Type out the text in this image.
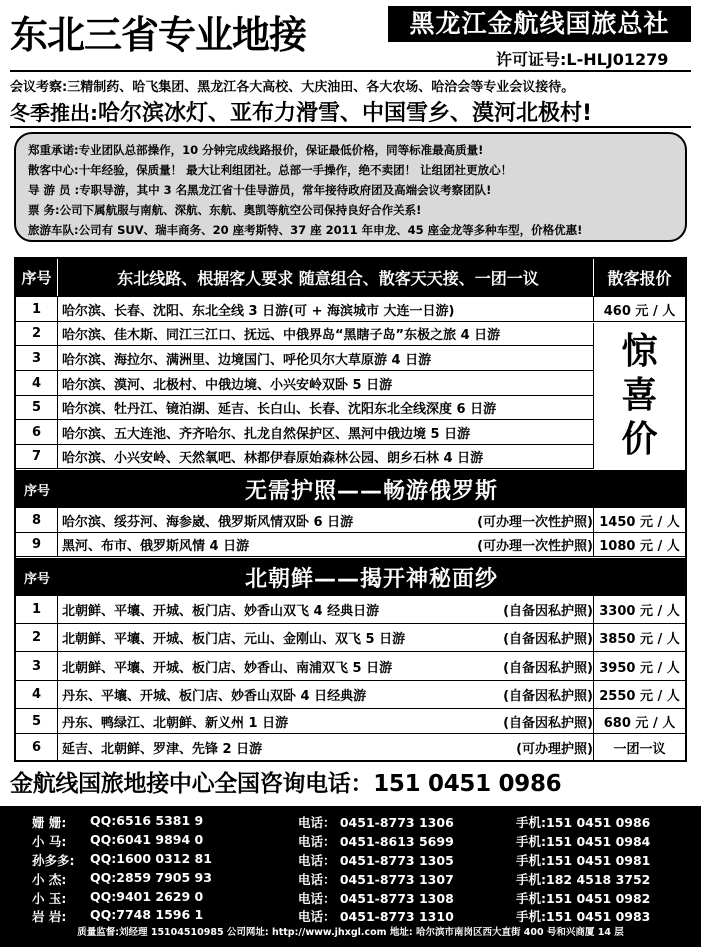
东北三省专业地接	黑龙江金航线国旅总社
许可证号:L-HLJ01279
会议考察:三精制药、哈飞集团、黑龙江各大高校、大庆油田、各大农场、哈洽会等专业会议接待。
冬季推出:哈尔滨冰灯、亚布力滑雪、中国雪乡、漠河北极村!
郑重承诺:专业团队总部操作，10 分钟完成线路报价，保证最低价格，同等标准最高质量!
散客中心:十年经验，保质量！ 最大让利组团社。总部一手操作，绝不卖团！ 让组团社更放心！
导 游 员 :专职导游，其中 3 名黑龙江省十佳导游员，常年接待政府团及高端会议考察团队!
票 务:公司下属航服与南航、深航、东航、奥凯等航空公司保持良好合作关系!
旅游车队:公司有 SUV、瑞丰商务、20 座考斯特、37 座 2011 年申龙、45 座金龙等多种车型，价格优惠!
序号	东北线路、根据客人要求 随意组合、散客天天接、一团一议	散客报价
1	哈尔滨、长春、沈阳、东北全线 3 日游(可 + 海滨城市 大连一日游)	460 元 / 人
2	哈尔滨、佳木斯、同江三江口、抚远、中俄界岛“黑瞎子岛”东极之旅 4 日游
3	哈尔滨、海拉尔、满洲里、边境国门、呼伦贝尔大草原游 4 日游
4	哈尔滨、漠河、北极村、中俄边境、小兴安岭双卧 5 日游
5	哈尔滨、牡丹江、镜泊湖、延吉、长白山、长春、沈阳东北全线深度 6 日游
6	哈尔滨、五大连池、齐齐哈尔、扎龙自然保护区、黑河中俄边境 5 日游
7	哈尔滨、小兴安岭、天然氧吧、林都伊春原始森林公园、朗乡石林 4 日游
惊
喜
价
序号	无需护照——畅游俄罗斯
8	哈尔滨、绥芬河、海参崴、俄罗斯风情双卧 6 日游	(可办理一次性护照) 1450 元 / 人
9	黑河、布市、俄罗斯风情 4 日游	(可办理一次性护照) 1080 元 / 人
序号	北朝鲜——揭开神秘面纱
1	北朝鲜、平壤、开城、板门店、妙香山双飞 4 经典日游	(自备因私护照) 3300 元 / 人
2	北朝鲜、平壤、开城、板门店、元山、金刚山、双飞 5 日游	(自备因私护照) 3850 元 / 人
3	北朝鲜、平壤、开城、板门店、妙香山、南浦双飞 5 日游	(自备因私护照) 3950 元 / 人
4	丹东、平壤、开城、板门店、妙香山双卧 4 日经典游	(自备因私护照) 2550 元 / 人
5	丹东、鸭绿江、北朝鲜、新义州 1 日游	(自备因私护照) 680 元 / 人
6	延吉、北朝鲜、罗津、先锋 2 日游	(可办理护照)	一团一议
金航线国旅地接中心全国咨询电话：151 0451 0986
姗 姗: QQ:6516 5381 9	电话： 0451-8773 1306	手机:151 0451 0986
小 马: QQ:6041 9894 0	电话： 0451-8613 5699	手机:151 0451 0984
孙多多: QQ:1600 0312 81	电话： 0451-8773 1305	手机:151 0451 0981
小 杰: QQ:2859 7905 93	电话： 0451-8773 1307	手机:182 4518 3752
小 玉: QQ:9401 2629 0	电话： 0451-8773 1308	手机:151 0451 0982
岩 岩: QQ:7748 1596 1	电话： 0451-8773 1310	手机:151 0451 0983
质量监督:刘经理 15104510985 公司网址: http://www.jhxgl.com 地址: 哈尔滨市南岗区西大直街 400 号和兴商厦 14 层
